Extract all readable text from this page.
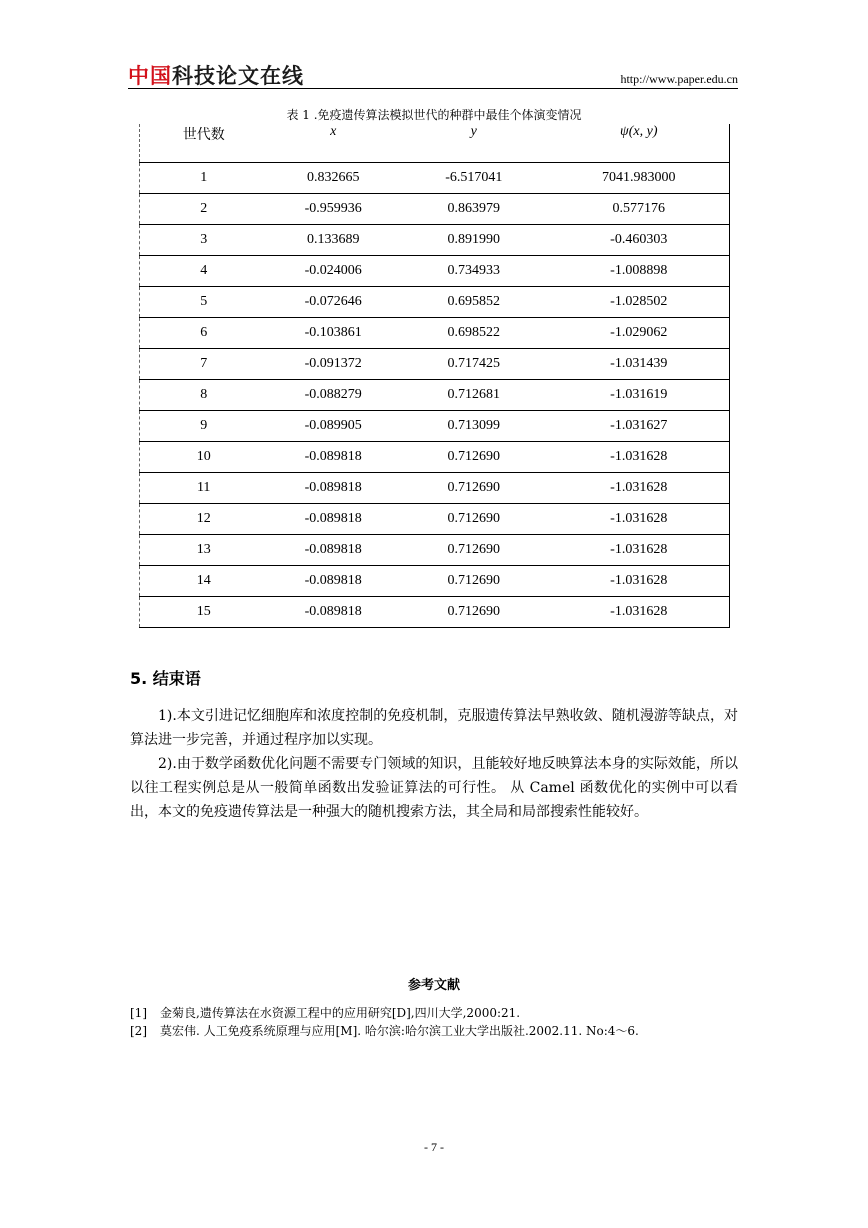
中国科技论文在线	http://www.paper.edu.cn
表 1 .免疫遗传算法模拟世代的种群中最佳个体演变情况
世代数	x	y	ψ(x, y)
1	0.832665	-6.517041	7041.983000
2	-0.959936	0.863979	0.577176
3	0.133689	0.891990	-0.460303
4	-0.024006	0.734933	-1.008898
5	-0.072646	0.695852	-1.028502
6	-0.103861	0.698522	-1.029062
7	-0.091372	0.717425	-1.031439
8	-0.088279	0.712681	-1.031619
9	-0.089905	0.713099	-1.031627
10	-0.089818	0.712690	-1.031628
11	-0.089818	0.712690	-1.031628
12	-0.089818	0.712690	-1.031628
13	-0.089818	0.712690	-1.031628
14	-0.089818	0.712690	-1.031628
15	-0.089818	0.712690	-1.031628
5. 结束语
1).本文引进记忆细胞库和浓度控制的免疫机制，克服遗传算法早熟收敛、随机漫游等缺点，对算法进一步完善，并通过程序加以实现。
2).由于数学函数优化问题不需要专门领域的知识，且能较好地反映算法本身的实际效能，所以以往工程实例总是从一般简单函数出发验证算法的可行性。 从 Camel 函数优化的实例中可以看出，本文的免疫遗传算法是一种强大的随机搜索方法，其全局和局部搜索性能较好。
参考文献
[1] 金菊良,遗传算法在水资源工程中的应用研究[D],四川大学,2000:21.
[2] 莫宏伟. 人工免疫系统原理与应用[M]. 哈尔滨:哈尔滨工业大学出版社.2002.11. No:4～6.
- 7 -
